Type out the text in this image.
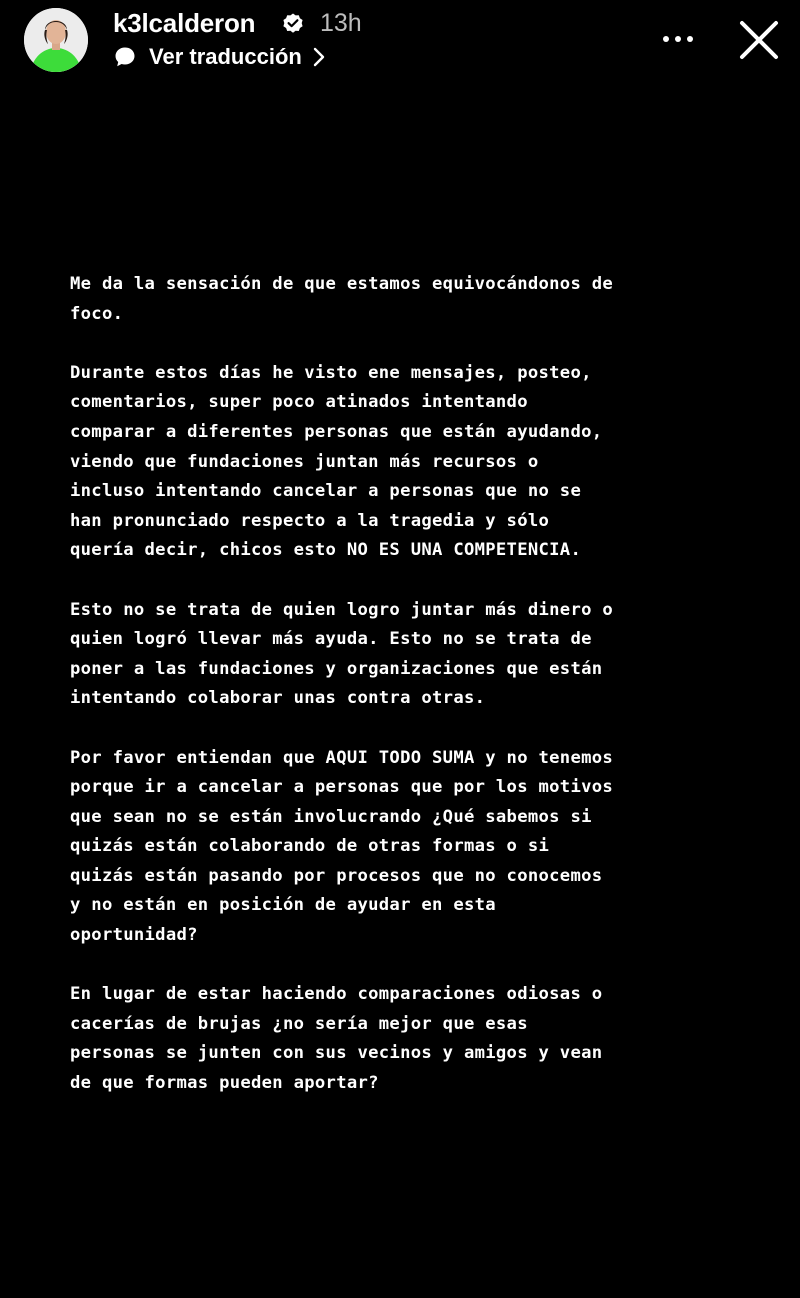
k3lcalderon	13h
Ver traducción

Me da la sensación de que estamos equivocándonos de
foco.

Durante estos días he visto ene mensajes, posteo,
comentarios, super poco atinados intentando
comparar a diferentes personas que están ayudando,
viendo que fundaciones juntan más recursos o
incluso intentando cancelar a personas que no se
han pronunciado respecto a la tragedia y sólo
quería decir, chicos esto NO ES UNA COMPETENCIA.

Esto no se trata de quien logro juntar más dinero o
quien logró llevar más ayuda. Esto no se trata de
poner a las fundaciones y organizaciones que están
intentando colaborar unas contra otras.

Por favor entiendan que AQUI TODO SUMA y no tenemos
porque ir a cancelar a personas que por los motivos
que sean no se están involucrando ¿Qué sabemos si
quizás están colaborando de otras formas o si
quizás están pasando por procesos que no conocemos
y no están en posición de ayudar en esta
oportunidad?

En lugar de estar haciendo comparaciones odiosas o
cacerías de brujas ¿no sería mejor que esas
personas se junten con sus vecinos y amigos y vean
de que formas pueden aportar?
